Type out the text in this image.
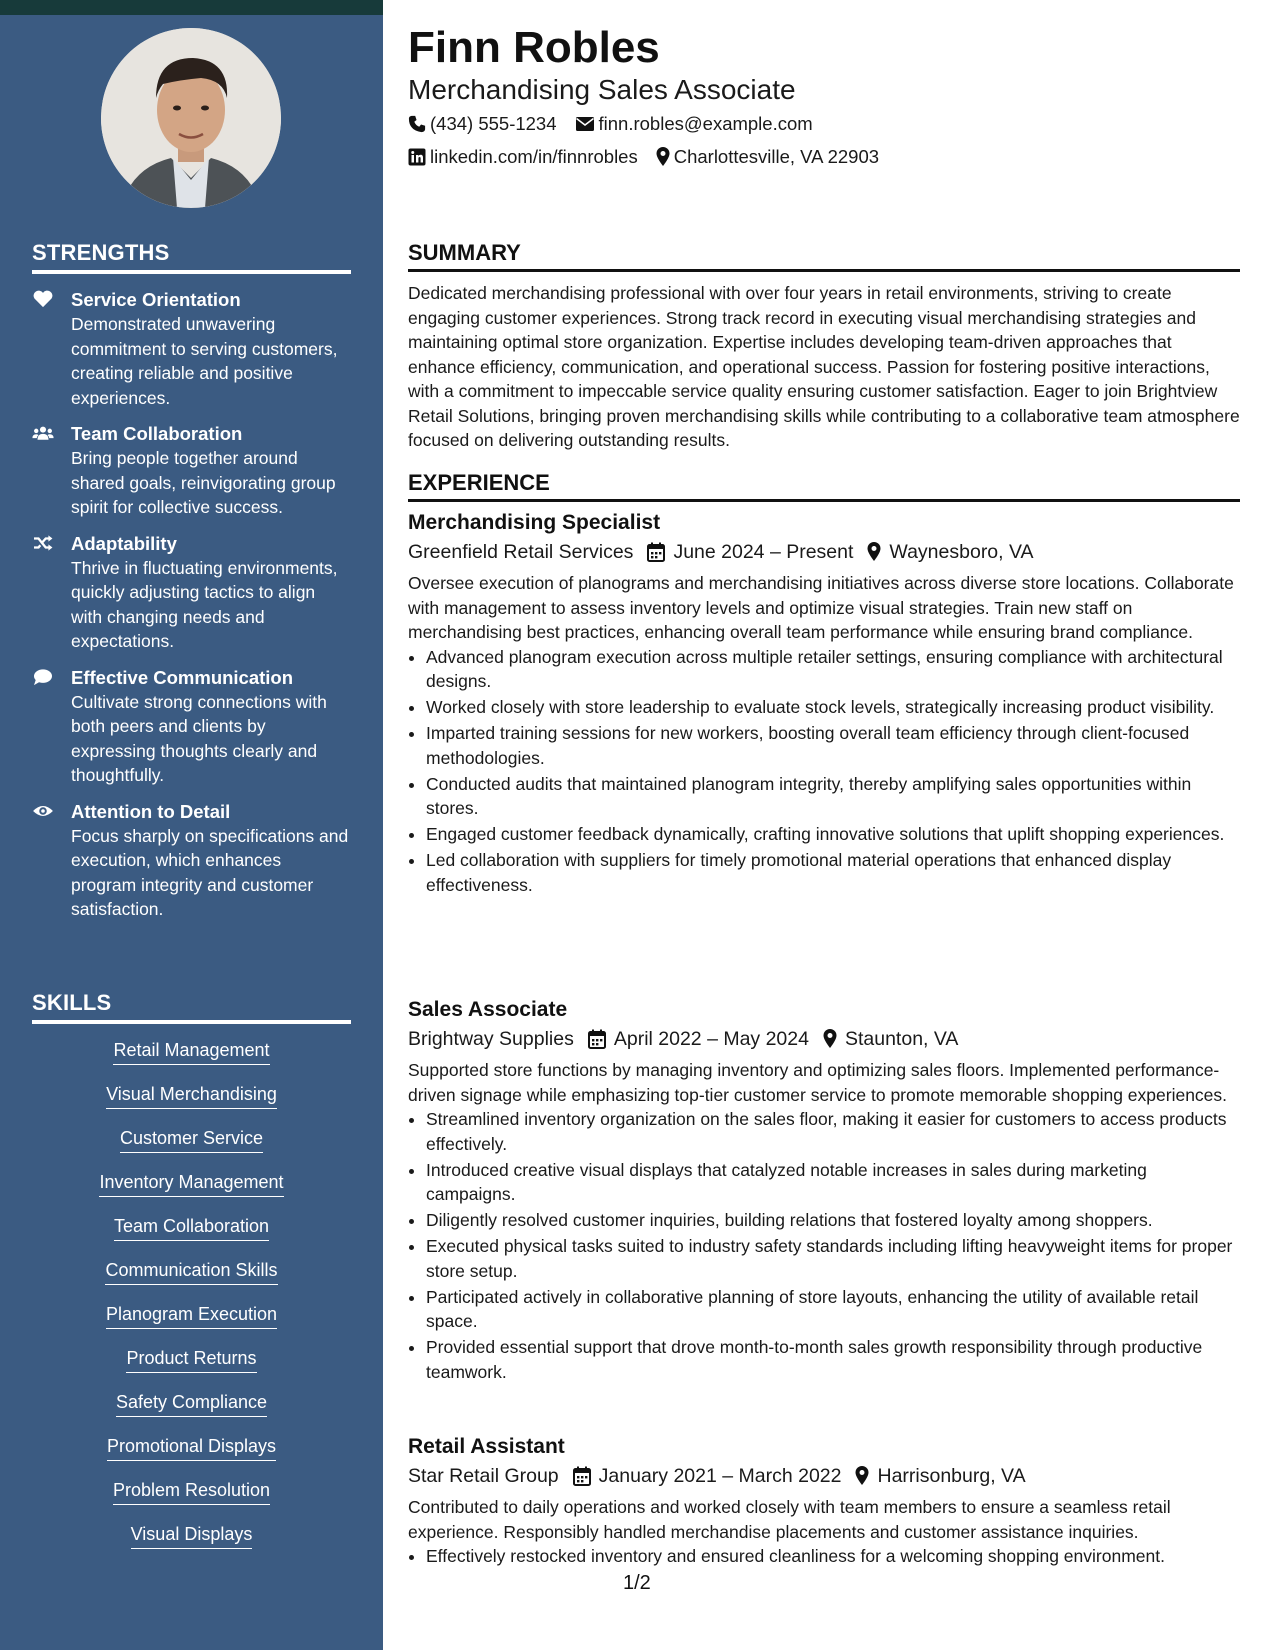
STRENGTHS
Service Orientation
Demonstrated unwavering commitment to serving customers, creating reliable and positive experiences.
Team Collaboration
Bring people together around shared goals, reinvigorating group spirit for collective success.
Adaptability
Thrive in fluctuating environments, quickly adjusting tactics to align with changing needs and expectations.
Effective Communication
Cultivate strong connections with both peers and clients by expressing thoughts clearly and thoughtfully.
Attention to Detail
Focus sharply on specifications and execution, which enhances program integrity and customer satisfaction.
SKILLS
Retail Management
Visual Merchandising
Customer Service
Inventory Management
Team Collaboration
Communication Skills
Planogram Execution
Product Returns
Safety Compliance
Promotional Displays
Problem Resolution
Visual Displays
Finn Robles
Merchandising Sales Associate
(434) 555-1234 finn.robles@example.com
linkedin.com/in/finnrobles Charlottesville, VA 22903
SUMMARY

Dedicated merchandising professional with over four years in retail environments, striving to create engaging customer experiences. Strong track record in executing visual merchandising strategies and maintaining optimal store organization. Expertise includes developing team-driven approaches that enhance efficiency, communication, and operational success. Passion for fostering positive interactions, with a commitment to impeccable service quality ensuring customer satisfaction. Eager to join Brightview Retail Solutions, bringing proven merchandising skills while contributing to a collaborative team atmosphere focused on delivering outstanding results.

EXPERIENCE
Merchandising Specialist
Greenfield Retail Services June 2024 – Present Waynesboro, VA

Oversee execution of planograms and merchandising initiatives across diverse store locations. Collaborate with management to assess inventory levels and optimize visual strategies. Train new staff on merchandising best practices, enhancing overall team performance while ensuring brand compliance.

• Advanced planogram execution across multiple retailer settings, ensuring compliance with architectural designs.
• Worked closely with store leadership to evaluate stock levels, strategically increasing product visibility.
• Imparted training sessions for new workers, boosting overall team efficiency through client-focused methodologies.
• Conducted audits that maintained planogram integrity, thereby amplifying sales opportunities within stores.
• Engaged customer feedback dynamically, crafting innovative solutions that uplift shopping experiences.
• Led collaboration with suppliers for timely promotional material operations that enhanced display effectiveness.
Sales Associate
Brightway Supplies April 2022 – May 2024 Staunton, VA

Supported store functions by managing inventory and optimizing sales floors. Implemented performance-driven signage while emphasizing top-tier customer service to promote memorable shopping experiences.

• Streamlined inventory organization on the sales floor, making it easier for customers to access products effectively.
• Introduced creative visual displays that catalyzed notable increases in sales during marketing campaigns.
• Diligently resolved customer inquiries, building relations that fostered loyalty among shoppers.
• Executed physical tasks suited to industry safety standards including lifting heavyweight items for proper store setup.
• Participated actively in collaborative planning of store layouts, enhancing the utility of available retail space.
• Provided essential support that drove month-to-month sales growth responsibility through productive teamwork.
Retail Assistant
Star Retail Group January 2021 – March 2022 Harrisonburg, VA

Contributed to daily operations and worked closely with team members to ensure a seamless retail experience. Responsibly handled merchandise placements and customer assistance inquiries.

• Effectively restocked inventory and ensured cleanliness for a welcoming shopping environment.
1/2
